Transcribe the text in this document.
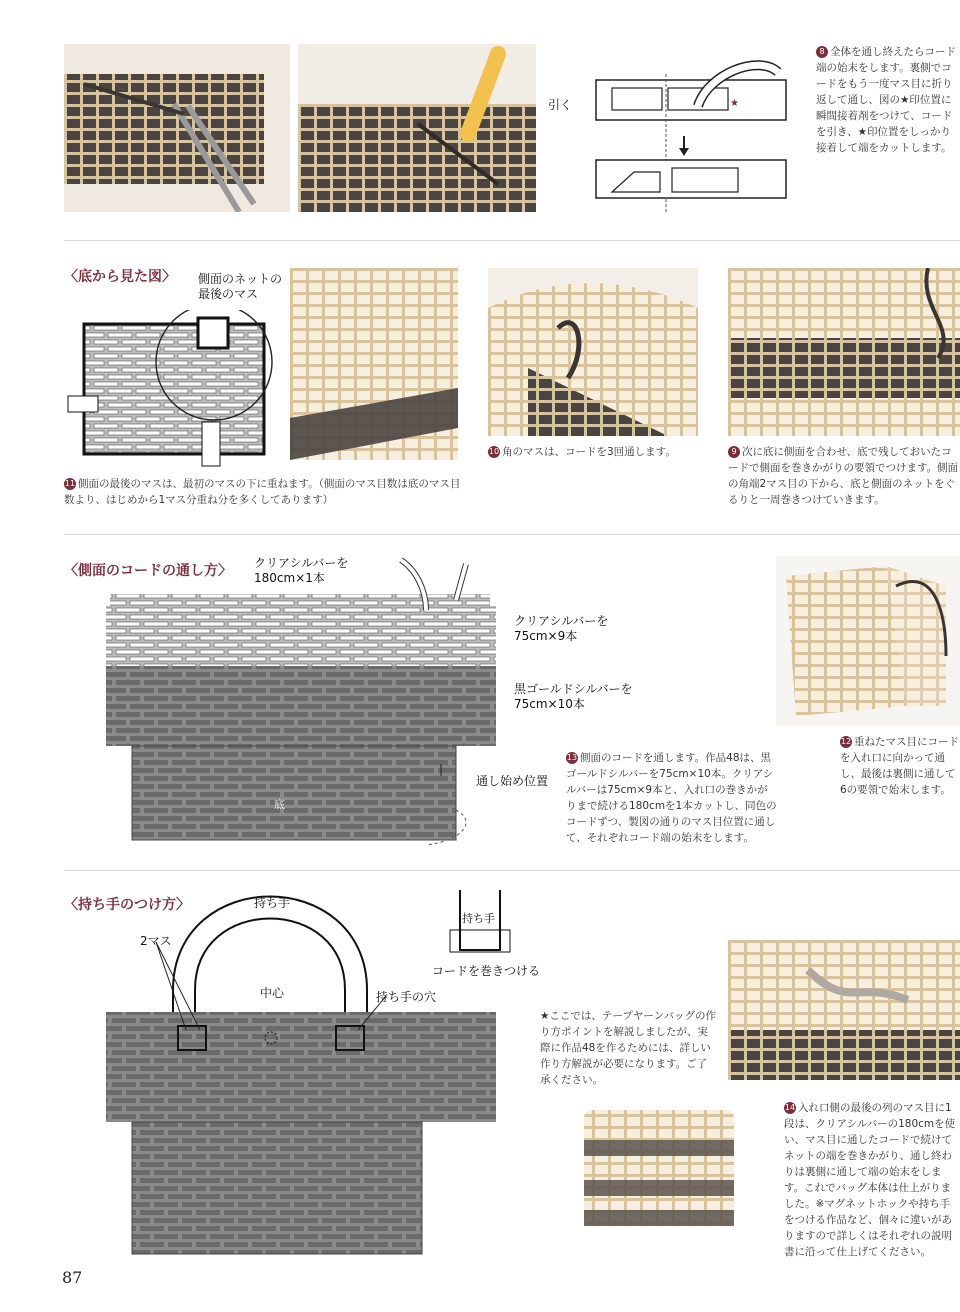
★
引く
8 全体を通し終えたらコード端の始末をします。裏側でコードをもう一度マス目に折り返して通し、図の★印位置に瞬間接着剤をつけて、コードを引き、★印位置をしっかり接着して端をカットします。
〈底から見た図〉 側面のネットの最後のマス
10 角のマスは、コードを3回通します。	9 次に底に側面を合わせ、底で残しておいたコードで側面を巻きかがりの要領でつけます。側面の角端2マス目の下から、底と側面のネットをぐるりと一周巻きつけていきます。
11 側面の最後のマスは、最初のマスの下に重ねます。（側面のマス目数は底のマス目数より、はじめから1マス分重ね分を多くしてあります）
〈側面のコードの通し方〉 クリアシルバーを 180cm×1本
底
クリアシルバーを 75cm×9本
黒ゴールドシルバーを 75cm×10本
通し始め位置
12 重ねたマス目にコードを入れ口に向かって通し、最後は裏側に通して6の要領で始末します。
13 側面のコードを通します。作品48は、黒ゴールドシルバーを75cm×10本。クリアシルバーは75cm×9本と、入れ口の巻きかがりまで続ける180cmを1本カットし、同色のコードずつ、製図の通りのマス目位置に通して、それぞれコード端の始末をします。
〈持ち手のつけ方〉	持ち手
2マス
中心	持ち手の穴
持ち手
コードを巻きつける
★ここでは、テープヤーンバッグの作り方ポイントを解説しましたが、実際に作品48を作るためには、詳しい作り方解説が必要になります。ご了承ください。
14 入れ口側の最後の列のマス目に1段は、クリアシルバーの180cmを使い、マス目に通したコードで続けてネットの端を巻きかがり、通し終わりは裏側に通して端の始末をします。これでバッグ本体は仕上がりました。※マグネットホックや持ち手をつける作品など、個々に違いがありますので詳しくはそれぞれの説明書に沿って仕上げてください。
87
